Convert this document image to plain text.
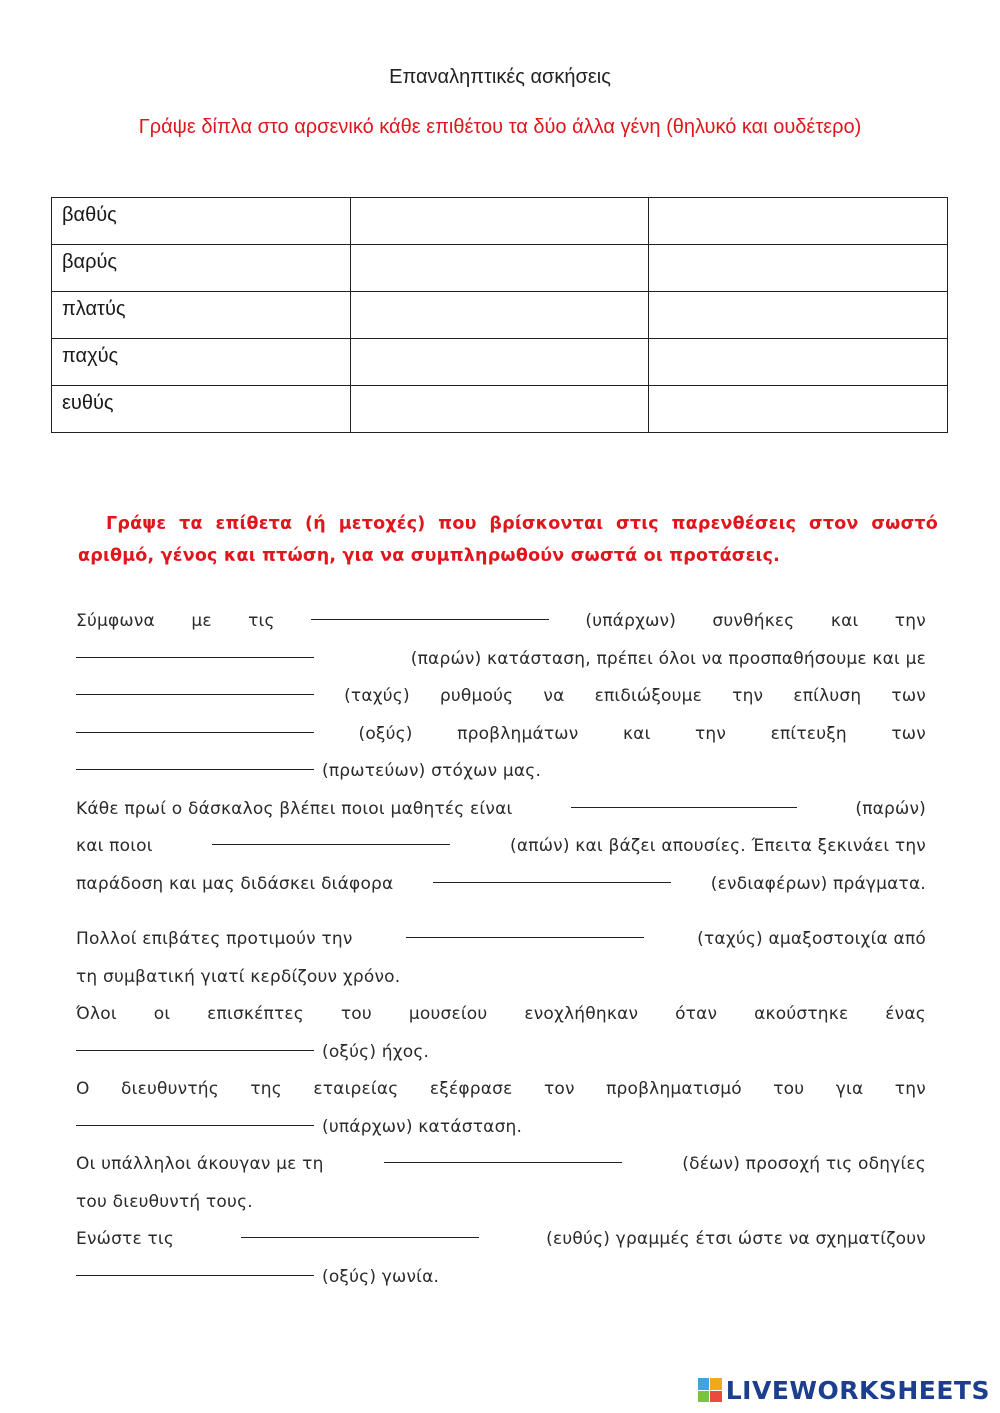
Επαναληπτικές ασκήσεις
Γράψε δίπλα στο αρσενικό κάθε επιθέτου τα δύο άλλα γένη (θηλυκό και ουδέτερο)
βαθύς		
βαρύς		
πλατύς		
παχύς		
ευθύς		
Γράψε τα επίθετα (ή μετοχές) που βρίσκονται στις παρενθέσεις στον σωστό αριθμό, γένος και πτώση, για να συμπληρωθούν σωστά οι προτάσεις.
Σύμφωνα με τις	(υπάρχων) συνθήκες και την
(παρών) κατάσταση, πρέπει όλοι να προσπαθήσουμε και με
(ταχύς) ρυθμούς να επιδιώξουμε την επίλυση των
(οξύς)	προβλημάτων	και	την	επίτευξη	των
(πρωτεύων) στόχων μας.
Κάθε πρωί ο δάσκαλος βλέπει ποιοι μαθητές είναι	(παρών)
και ποιοι	(απών) και βάζει απουσίες. Έπειτα ξεκινάει την
παράδοση και μας διδάσκει διάφορα	(ενδιαφέρων) πράγματα.
Πολλοί επιβάτες προτιμούν την	(ταχύς) αμαξοστοιχία από
τη συμβατική γιατί κερδίζουν χρόνο.
Όλοι οι επισκέπτες του μουσείου ενοχλήθηκαν όταν ακούστηκε ένας
(οξύς) ήχος.
Ο διευθυντής της εταιρείας εξέφρασε τον προβληματισμό του για την
(υπάρχων) κατάσταση.
Οι υπάλληλοι άκουγαν με τη	(δέων) προσοχή τις οδηγίες
του διευθυντή τους.
Ενώστε τις	(ευθύς) γραμμές έτσι ώστε να σχηματίζουν
(οξύς) γωνία.
LIVEWORKSHEETS
